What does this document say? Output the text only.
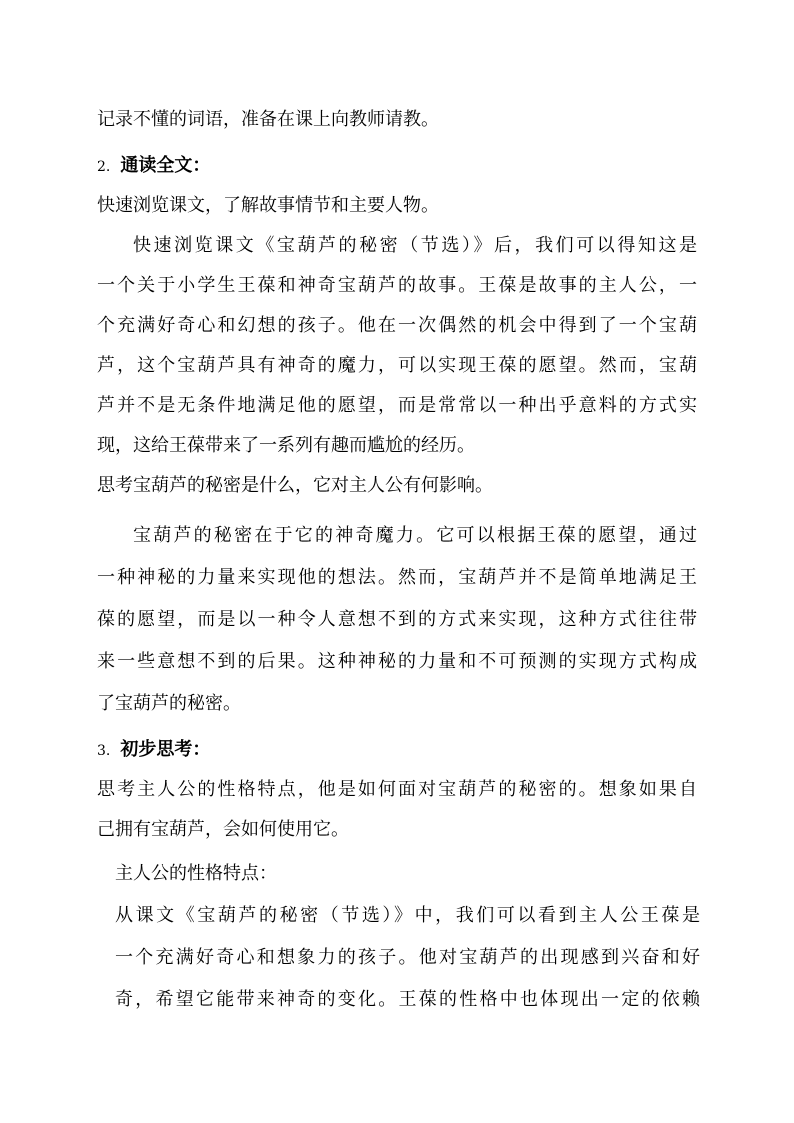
记录不懂的词语，准备在课上向教师请教。
2. 通读全文：
快速浏览课文，了解故事情节和主要人物。
快速浏览课文《宝葫芦的秘密（节选）》后，我们可以得知这是
一个关于小学生王葆和神奇宝葫芦的故事。王葆是故事的主人公，一
个充满好奇心和幻想的孩子。他在一次偶然的机会中得到了一个宝葫
芦，这个宝葫芦具有神奇的魔力，可以实现王葆的愿望。然而，宝葫
芦并不是无条件地满足他的愿望，而是常常以一种出乎意料的方式实
现，这给王葆带来了一系列有趣而尴尬的经历。
思考宝葫芦的秘密是什么，它对主人公有何影响。
宝葫芦的秘密在于它的神奇魔力。它可以根据王葆的愿望，通过
一种神秘的力量来实现他的想法。然而，宝葫芦并不是简单地满足王
葆的愿望，而是以一种令人意想不到的方式来实现，这种方式往往带
来一些意想不到的后果。这种神秘的力量和不可预测的实现方式构成
了宝葫芦的秘密。
3. 初步思考：
思考主人公的性格特点，他是如何面对宝葫芦的秘密的。想象如果自
己拥有宝葫芦，会如何使用它。
主人公的性格特点：
从课文《宝葫芦的秘密（节选）》中，我们可以看到主人公王葆是
一个充满好奇心和想象力的孩子。他对宝葫芦的出现感到兴奋和好
奇，希望它能带来神奇的变化。王葆的性格中也体现出一定的依赖
